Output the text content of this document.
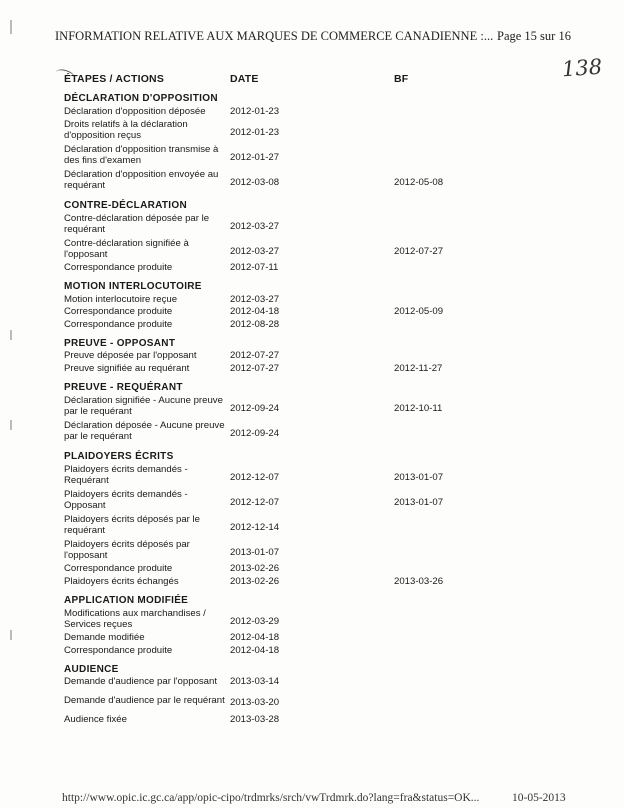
INFORMATION RELATIVE AUX MARQUES DE COMMERCE CANADIENNE :... Page 15 sur 16
138
ÉTAPES / ACTIONS	DATE	BF
DÉCLARATION D'OPPOSITION
Déclaration d'opposition déposée	2012-01-23
Droits relatifs à la déclaration d'opposition reçus	2012-01-23
Déclaration d'opposition transmise à des fins d'examen	2012-01-27
Déclaration d'opposition envoyée au requérant	2012-03-08	2012-05-08
CONTRE-DÉCLARATION
Contre-déclaration déposée par le requérant	2012-03-27
Contre-déclaration signifiée à l'opposant	2012-03-27	2012-07-27
Correspondance produite	2012-07-11
MOTION INTERLOCUTOIRE
Motion interlocutoire reçue	2012-03-27
Correspondance produite	2012-04-18	2012-05-09
Correspondance produite	2012-08-28
PREUVE - OPPOSANT
Preuve déposée par l'opposant	2012-07-27
Preuve signifiée au requérant	2012-07-27	2012-11-27
PREUVE - REQUÉRANT
Déclaration signifiée - Aucune preuve par le requérant	2012-09-24	2012-10-11
Déclaration déposée - Aucune preuve par le requérant	2012-09-24
PLAIDOYERS ÉCRITS
Plaidoyers écrits demandés - Requérant	2012-12-07	2013-01-07
Plaidoyers écrits demandés - Opposant	2012-12-07	2013-01-07
Plaidoyers écrits déposés par le requérant	2012-12-14
Plaidoyers écrits déposés par l'opposant	2013-01-07
Correspondance produite	2013-02-26
Plaidoyers écrits échangés	2013-02-26	2013-03-26
APPLICATION MODIFIÉE
Modifications aux marchandises / Services reçues	2012-03-29
Demande modifiée	2012-04-18
Correspondance produite	2012-04-18
AUDIENCE
Demande d'audience par l'opposant	2013-03-14
Demande d'audience par le requérant 2013-03-20
Audience fixée	2013-03-28
http://www.opic.ic.gc.ca/app/opic-cipo/trdmrks/srch/vwTrdmrk.do?lang=fra&status=OK...	10-05-2013
